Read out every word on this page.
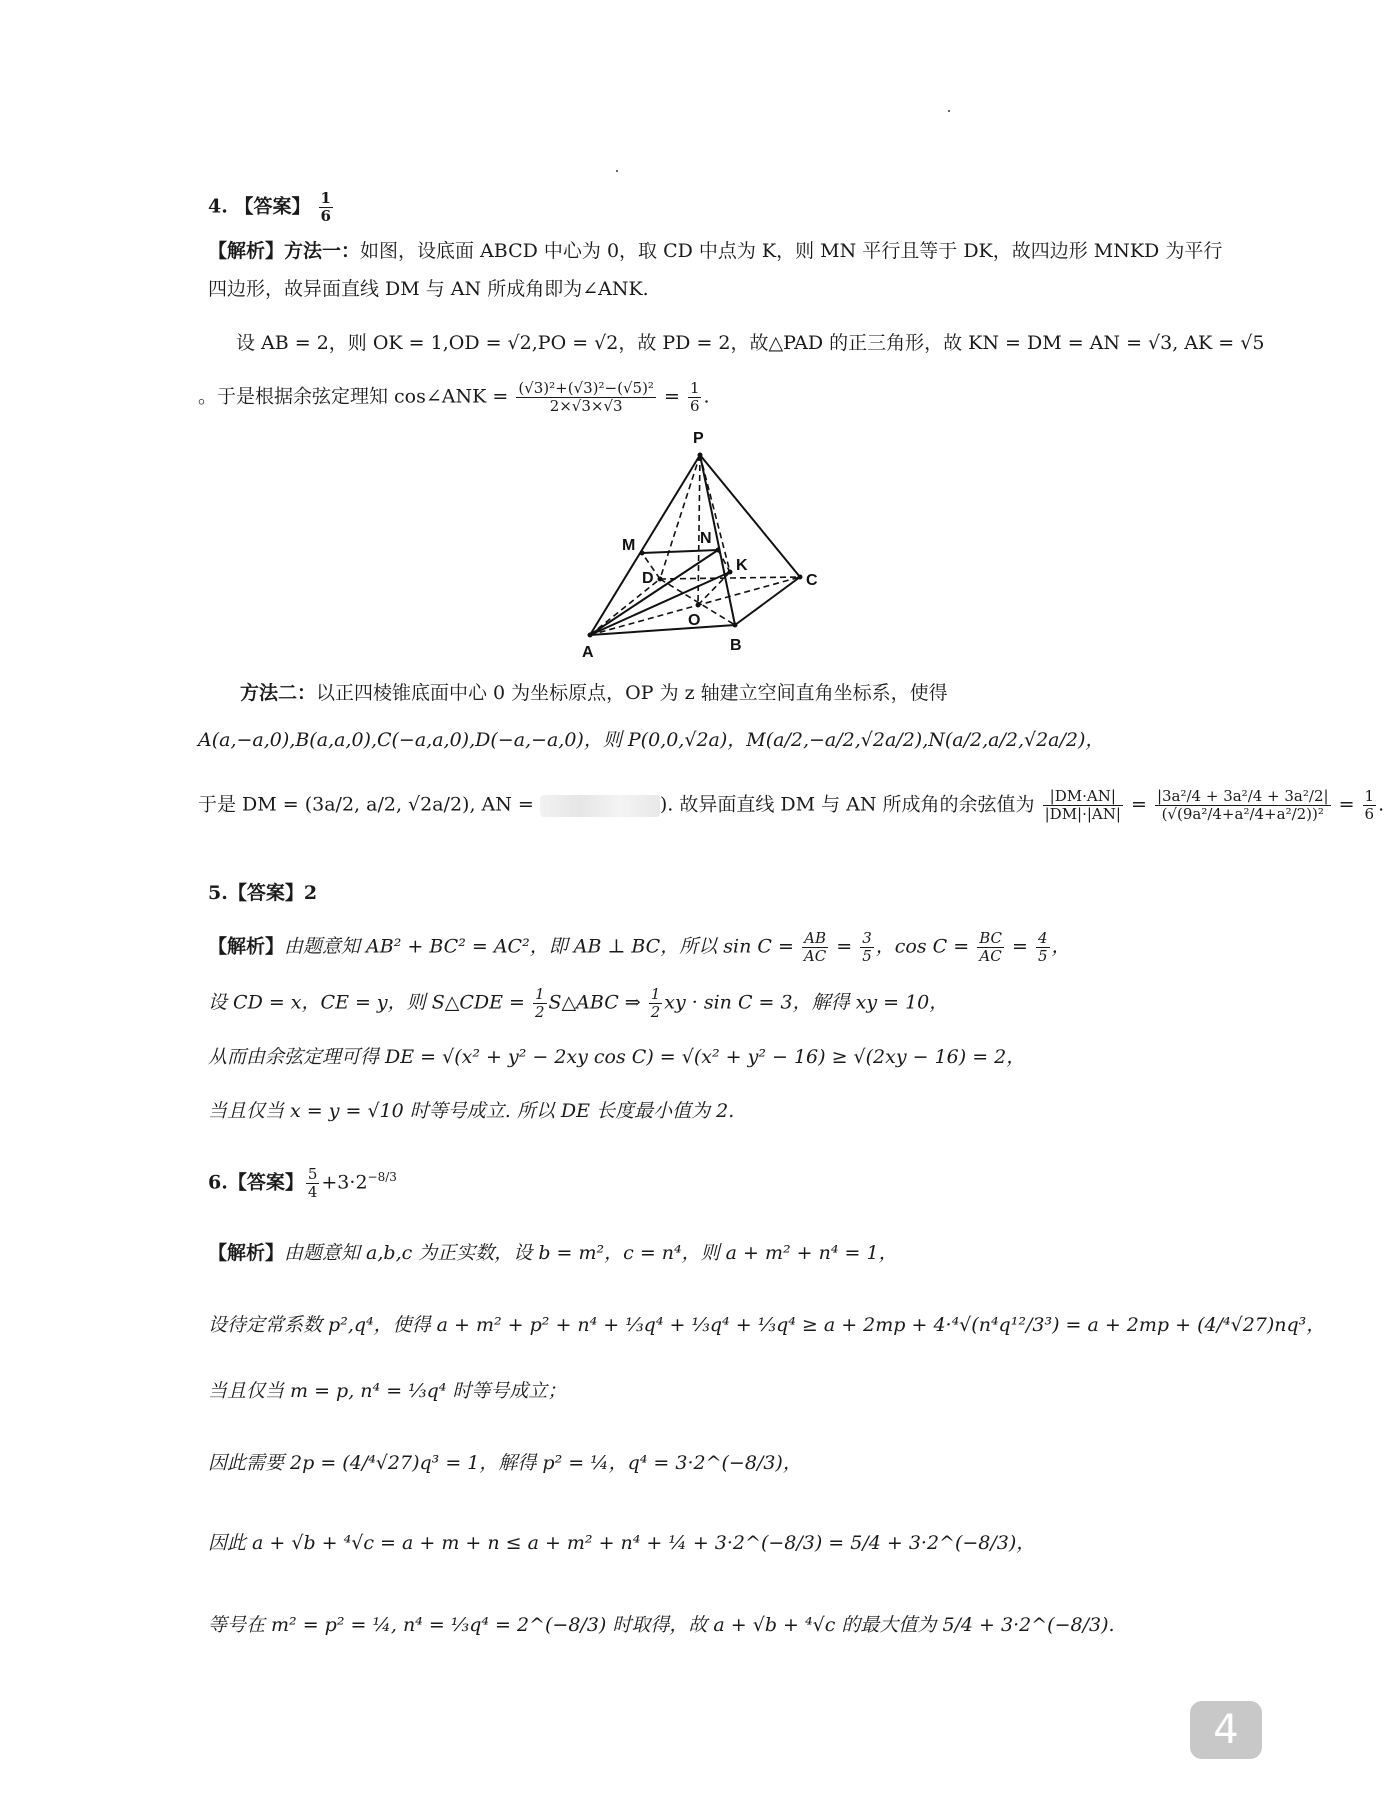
4. 【答案】 $\frac{1}{6}$
【解析】方法一：如图，设底面 ABCD 中心为 0，取 CD 中点为 K，则 MN 平行且等于 DK，故四边形 MNKD 为平行
四边形，故异面直线 DM 与 AN 所成角即为∠ANK.
设 AB = 2，则 OK = 1,OD = √2,PO = √2，故 PD = 2，故△PAD 的正三角形，故 KN = DM = AN = √3, AK = √5
。于是根据余弦定理知 cos∠ANK = $\frac{\text{(√3)²+(√3)²−(√5)²}}{2\times√3\times√3} = \frac{1}{6}$ .
P
M	N
D
K
C
O
A	B
方法二：以正四棱锥底面中心 0 为坐标原点，OP 为 z 轴建立空间直角坐标系，使得
A(a,−a,0),B(a,a,0),C(−a,a,0),D(−a,−a,0)，则 P(0,0,√2a)，M(a/2,−a/2,√2a/2),N(a/2,a/2,√2a/2)，
于是 DM = (3a/2, a/2, √2a/2), AN =	). 故异面直线 DM 与 AN 所成角的余弦值为 $\frac{|DM\cdot AN|}{|DM|\cdot|AN|} = \frac{\text{|3a²/4 + 3a²/4 + 3a²/2|}}{\text{(√(9a²/4+a²/4+a²/2))²}} = \frac{1}{6}$ .
5.【答案】2
【解析】由题意知 AB² + BC² = AC²，即 AB ⊥ BC，所以 $\sin C = \frac{AB}{AC} = \frac{3}{5}$ ，$\cos C = \frac{BC}{AC} = \frac{4}{5}$ ，
设 CD = x，CE = y，则 S△CDE = $\frac{1}{2}$ S△ABC ⇒ $\frac{1}{2}$ xy · sin C = 3，解得 xy = 10，
从而由余弦定理可得 DE = √(x² + y² − 2xy cos C) = √(x² + y² − 16) ≥ √(2xy − 16) = 2，
当且仅当 x = y = √10 时等号成立. 所以 DE 长度最小值为 2.
6.【答案】 $\frac{5}{4} +3\cdot 2^{-8/3}$
【解析】由题意知 a,b,c 为正实数，设 b = m²，c = n⁴，则 a + m² + n⁴ = 1，
设待定常系数 p²,q⁴，使得 a + m² + p² + n⁴ + ⅓q⁴ + ⅓q⁴ + ⅓q⁴ ≥ a + 2mp + 4·⁴√(n⁴q¹²/3³) = a + 2mp + (4/⁴√27)nq³，
当且仅当 m = p, n⁴ = ⅓q⁴ 时等号成立；
因此需要 2p = (4/⁴√27)q³ = 1，解得 p² = ¼，q⁴ = 3·2^(−8/3)，
因此 a + √b + ⁴√c = a + m + n ≤ a + m² + n⁴ + ¼ + 3·2^(−8/3) = 5/4 + 3·2^(−8/3)，
等号在 m² = p² = ¼, n⁴ = ⅓q⁴ = 2^(−8/3) 时取得，故 a + √b + ⁴√c 的最大值为 5/4 + 3·2^(−8/3).
4
